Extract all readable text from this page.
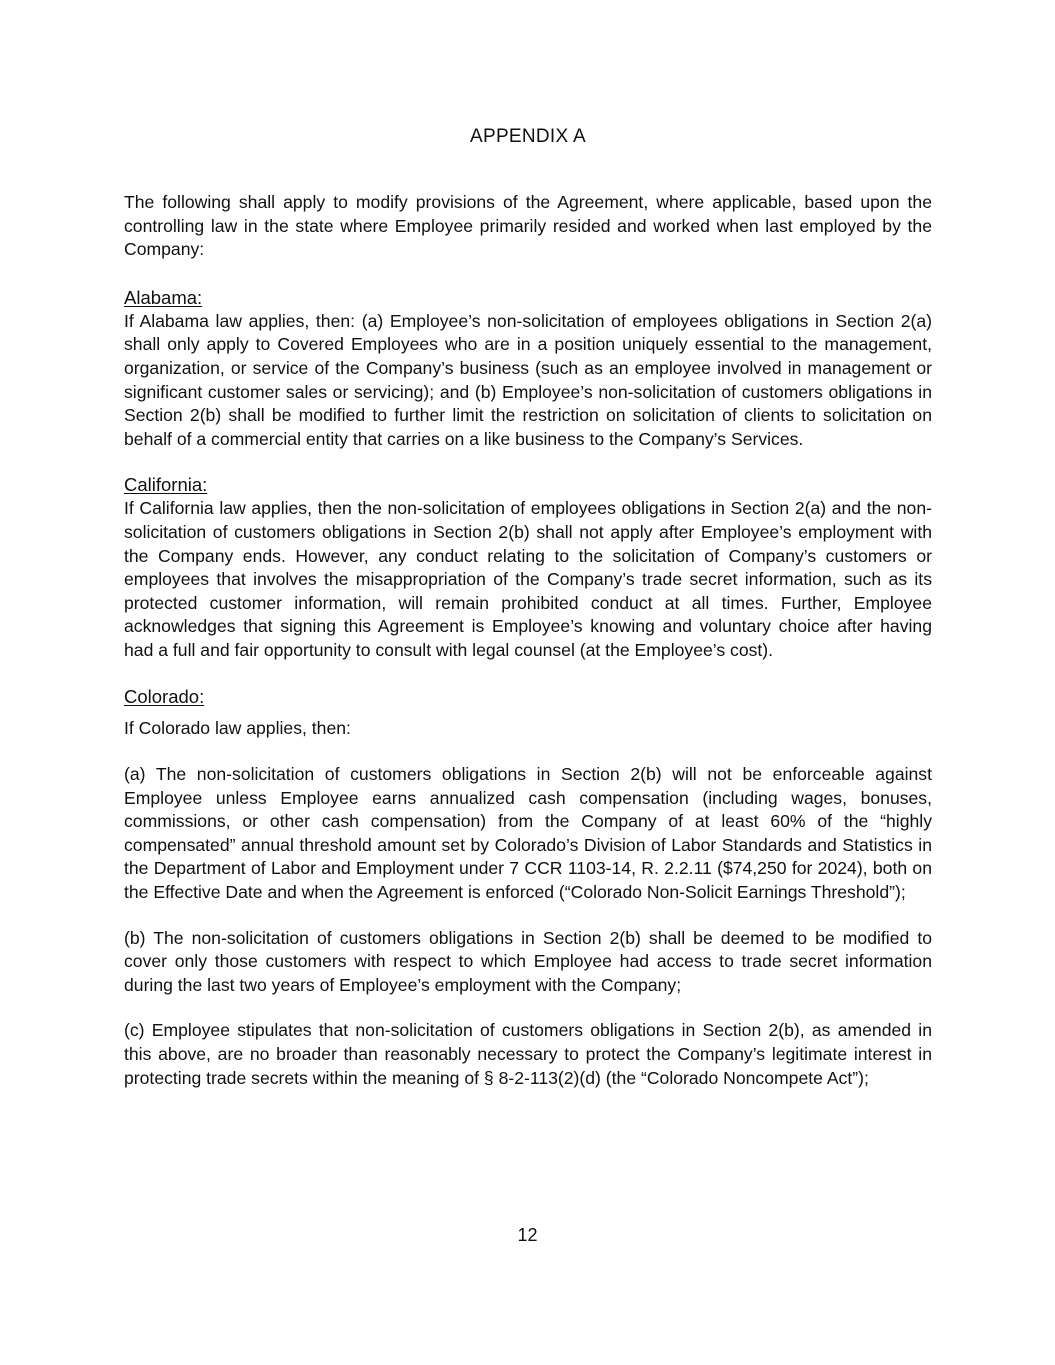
APPENDIX A

The following shall apply to modify provisions of the Agreement, where applicable, based upon the controlling law in the state where Employee primarily resided and worked when last employed by the Company:

Alabama:

If Alabama law applies, then: (a) Employee’s non-solicitation of employees obligations in Section 2(a) shall only apply to Covered Employees who are in a position uniquely essential to the management, organization, or service of the Company’s business (such as an employee involved in management or significant customer sales or servicing); and (b) Employee’s non-solicitation of customers obligations in Section 2(b) shall be modified to further limit the restriction on solicitation of clients to solicitation on behalf of a commercial entity that carries on a like business to the Company’s Services.

California:

If California law applies, then the non-solicitation of employees obligations in Section 2(a) and the non-solicitation of customers obligations in Section 2(b) shall not apply after Employee’s employment with the Company ends. However, any conduct relating to the solicitation of Company’s customers or employees that involves the misappropriation of the Company’s trade secret information, such as its protected customer information, will remain prohibited conduct at all times. Further, Employee acknowledges that signing this Agreement is Employee’s knowing and voluntary choice after having had a full and fair opportunity to consult with legal counsel (at the Employee’s cost).

Colorado:

If Colorado law applies, then:

(a) The non-solicitation of customers obligations in Section 2(b) will not be enforceable against Employee unless Employee earns annualized cash compensation (including wages, bonuses, commissions, or other cash compensation) from the Company of at least 60% of the “highly compensated” annual threshold amount set by Colorado’s Division of Labor Standards and Statistics in the Department of Labor and Employment under 7 CCR 1103-14, R. 2.2.11 ($74,250 for 2024), both on the Effective Date and when the Agreement is enforced (“Colorado Non-Solicit Earnings Threshold”);

(b) The non-solicitation of customers obligations in Section 2(b) shall be deemed to be modified to cover only those customers with respect to which Employee had access to trade secret information during the last two years of Employee’s employment with the Company;

(c) Employee stipulates that non-solicitation of customers obligations in Section 2(b), as amended in this above, are no broader than reasonably necessary to protect the Company’s legitimate interest in protecting trade secrets within the meaning of § 8-2-113(2)(d) (the “Colorado Noncompete Act”);

12
